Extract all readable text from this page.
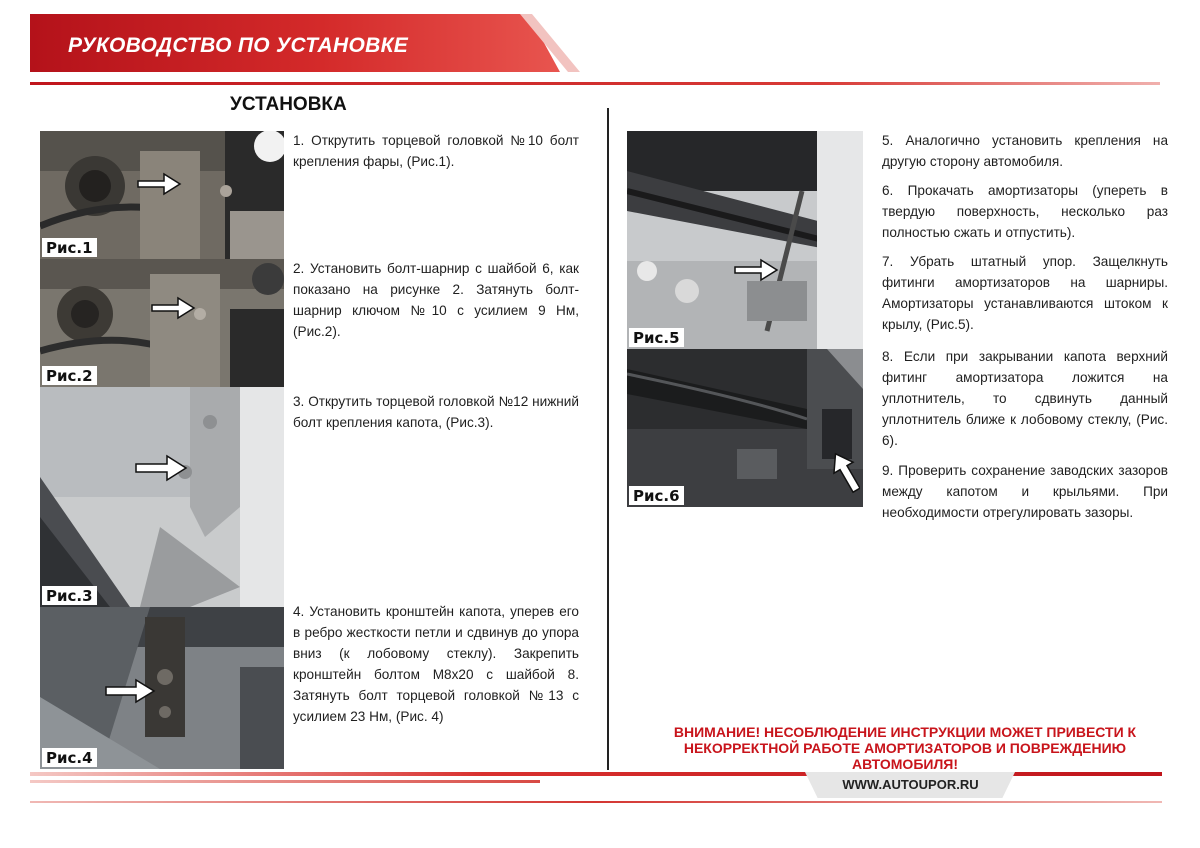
РУКОВОДСТВО ПО УСТАНОВКЕ
УСТАНОВКА
Рис.1
Рис.2
Рис.3
Рис.4
Рис.5
Рис.6
1. Открутить торцевой головкой №10 болт крепления фары, (Рис.1).
2. Установить болт-шарнир с шайбой 6, как показано на рисунке 2. Затянуть болт-шарнир ключом №10 с усилием 9 Нм, (Рис.2).
3. Открутить торцевой головкой №12 нижний болт крепления капота, (Рис.3).
4. Установить кронштейн капота, уперев его в ребро жесткости петли и сдвинув до упора вниз (к лобовому стеклу). Закрепить кронштейн болтом М8х20 с шайбой 8. Затянуть болт торцевой головкой №13 с усилием 23 Нм, (Рис. 4)
5. Аналогично установить крепления на другую сторону автомобиля.
6. Прокачать амортизаторы (упереть в твердую поверхность, несколько раз полностью сжать и отпустить).
7. Убрать штатный упор. Защелкнуть фитинги амортизаторов на шарниры. Амортизаторы устанавливаются штоком к крылу, (Рис.5).
8. Если при закрывании капота верхний фитинг амортизатора ложится на уплотнитель, то сдвинуть данный уплотнитель ближе к лобовому стеклу, (Рис. 6).
9. Проверить сохранение заводских зазоров между капотом и крыльями. При необходимости отрегулировать зазоры.
ВНИМАНИЕ! НЕСОБЛЮДЕНИЕ ИНСТРУКЦИИ МОЖЕТ ПРИВЕСТИ К НЕКОРРЕКТНОЙ РАБОТЕ АМОРТИЗАТОРОВ И ПОВРЕЖДЕНИЮ АВТОМОБИЛЯ!
WWW.AUTOUPOR.RU
